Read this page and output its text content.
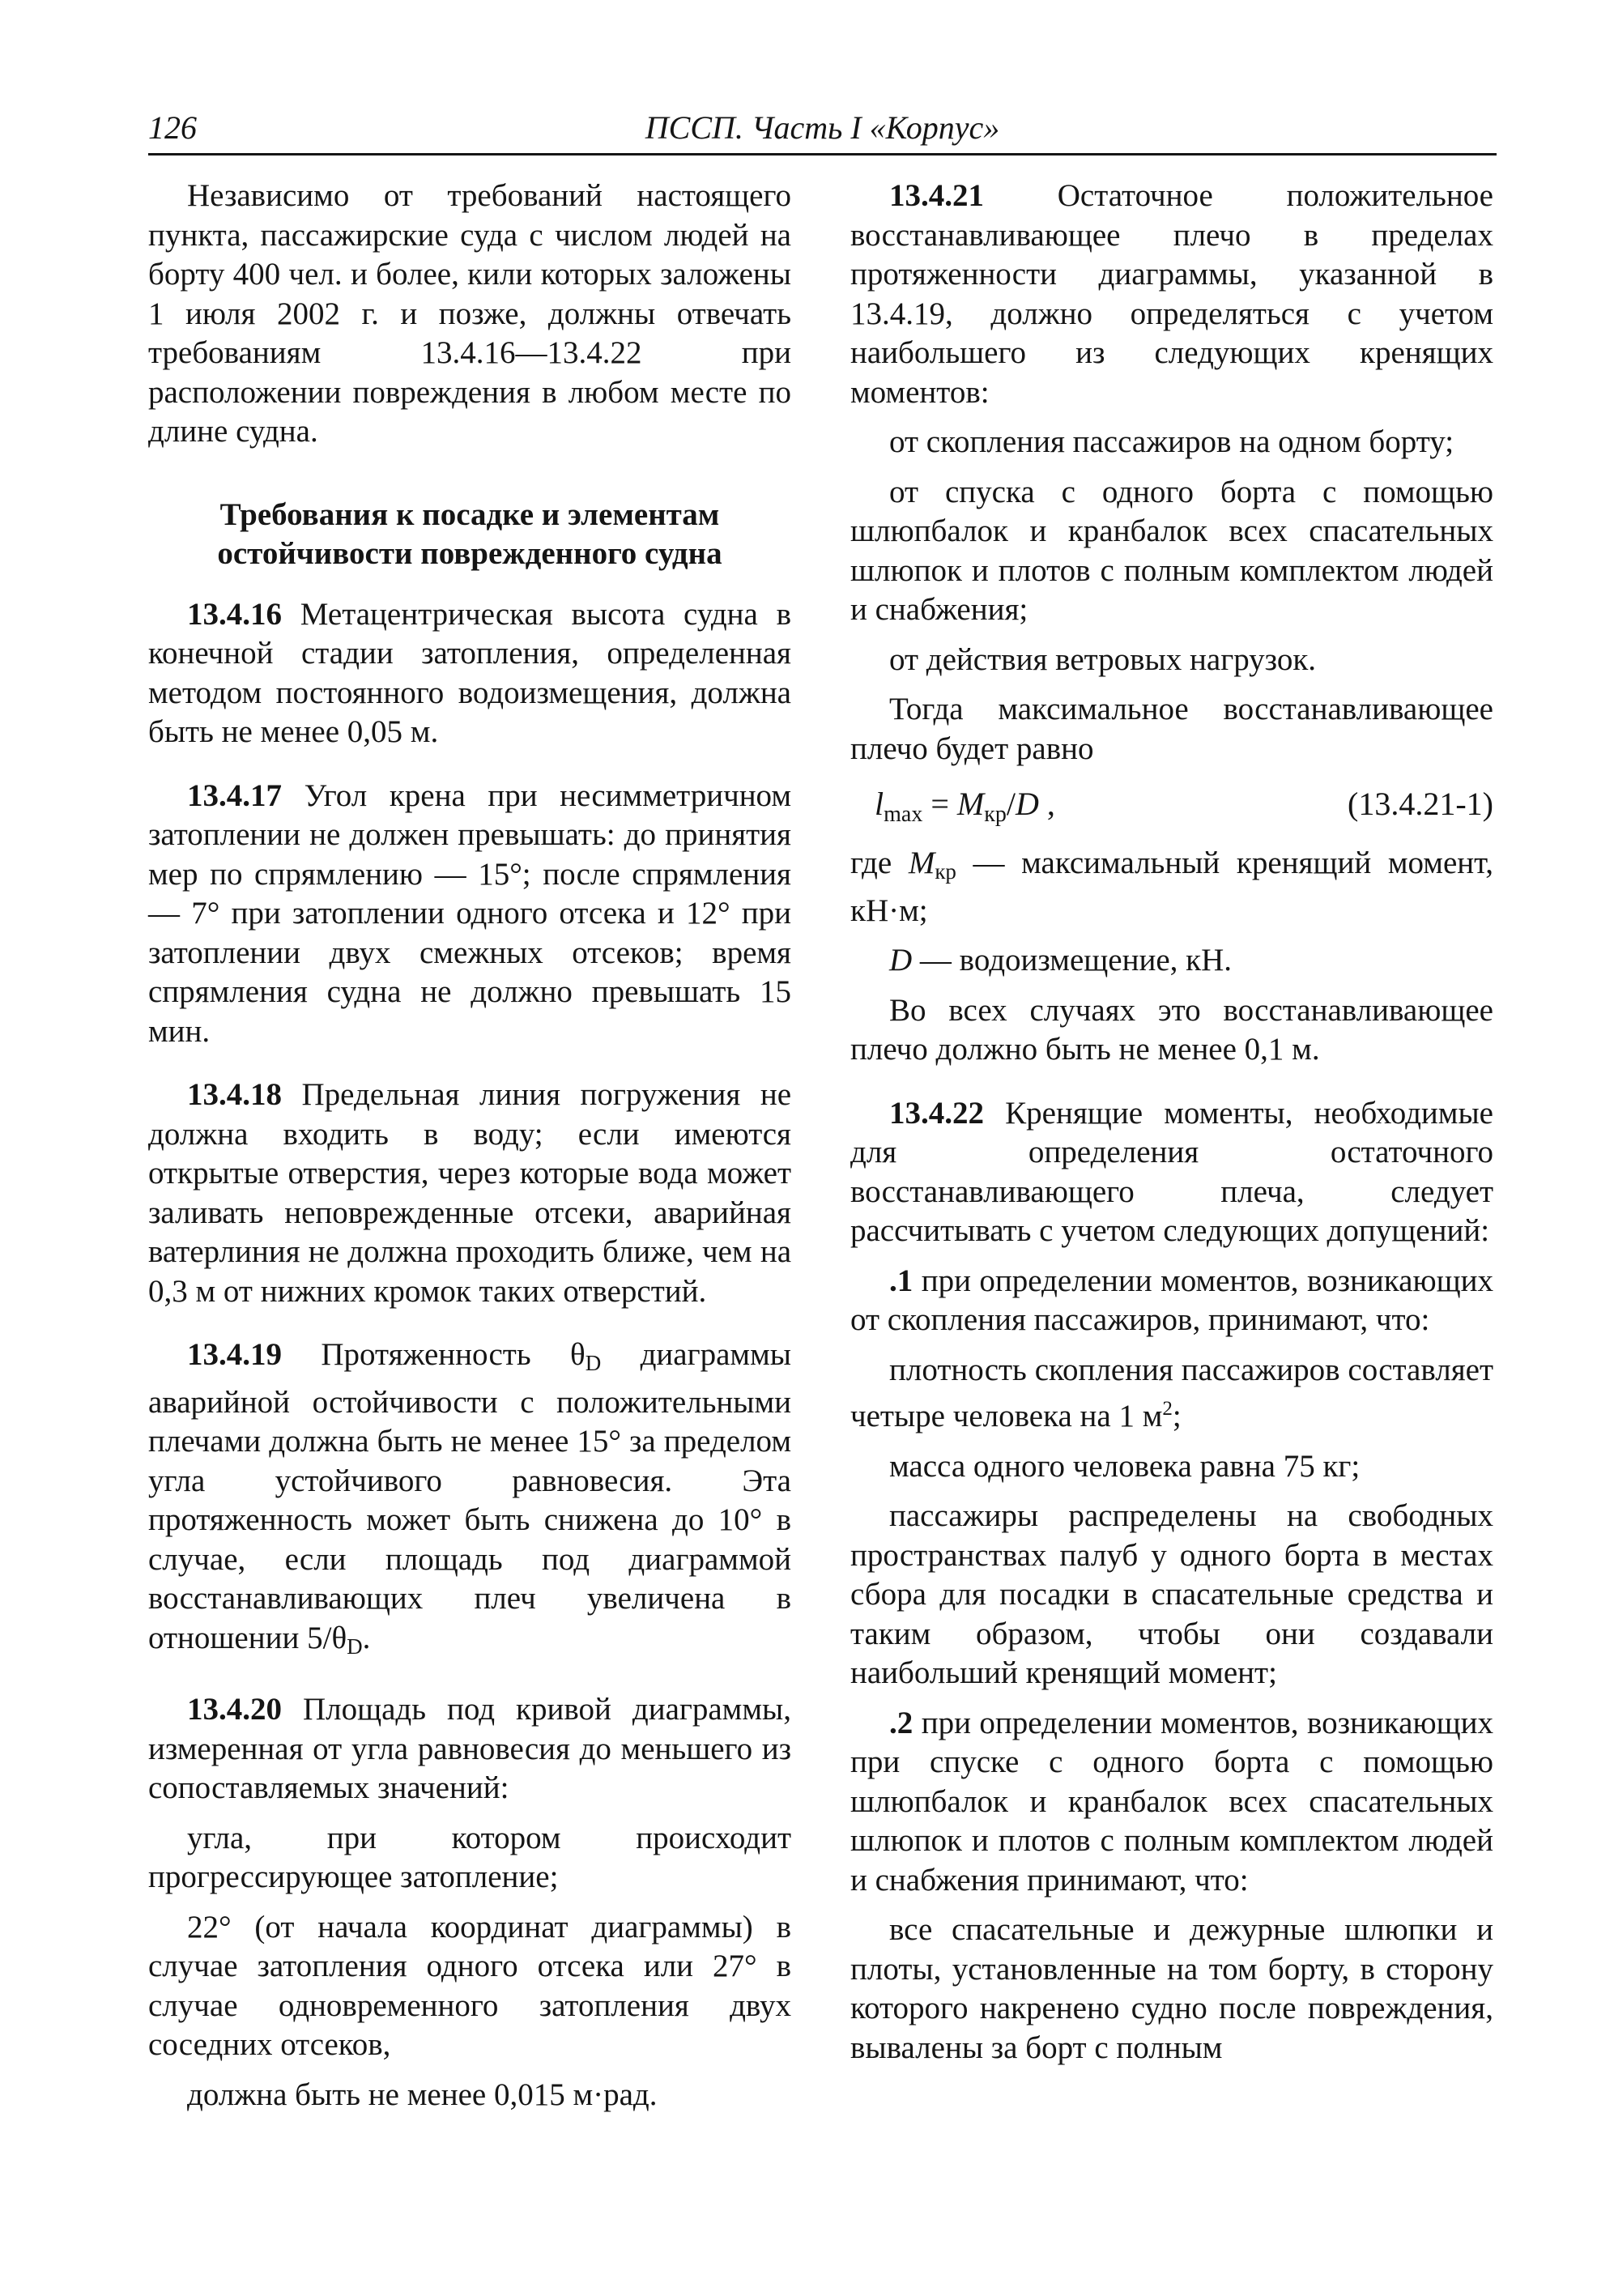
126	ПССП. Часть I «Корпус»

Независимо от требований настоящего пункта, пассажирские суда с числом людей на борту 400 чел. и более, кили которых заложены 1 июля 2002 г. и позже, должны отвечать требованиям 13.4.16—13.4.22 при расположении повреждения в любом месте по длине судна.

Требования к посадке и элементам
остойчивости поврежденного судна

13.4.16 Метацентрическая высота судна в конечной стадии затопления, определенная методом постоянного водоизмещения, должна быть не менее 0,05 м.

13.4.17 Угол крена при несимметричном затоплении не должен превышать: до принятия мер по спрямлению — 15°; после спрямления — 7° при затоплении одного отсека и 12° при затоплении двух смежных отсеков; время спрямления судна не должно превышать 15 мин.

13.4.18 Предельная линия погружения не должна входить в воду; если имеются открытые отверстия, через которые вода может заливать неповрежденные отсеки, аварийная ватерлиния не должна проходить ближе, чем на 0,3 м от нижних кромок таких отверстий.

13.4.19 Протяженность θD диаграммы аварийной остойчивости с положительными плечами должна быть не менее 15° за пределом угла устойчивого равновесия. Эта протяженность может быть снижена до 10° в случае, если площадь под диаграммой восстанавливающих плеч увеличена в отношении 5/θD.

13.4.20 Площадь под кривой диаграммы, измеренная от угла равновесия до меньшего из сопоставляемых значений:

угла, при котором происходит прогрессирующее затопление;

22° (от начала координат диаграммы) в случае затопления одного отсека или 27° в случае одновременного затопления двух соседних отсеков,

должна быть не менее 0,015 м·рад.

13.4.21 Остаточное положительное восстанавливающее плечо в пределах протяженности диаграммы, указанной в 13.4.19, должно определяться с учетом наибольшего из следующих кренящих моментов:

от скопления пассажиров на одном борту;

от спуска с одного борта с помощью шлюпбалок и кранбалок всех спасательных шлюпок и плотов с полным комплектом людей и снабжения;

от действия ветровых нагрузок.

Тогда максимальное восстанавливающее плечо будет равно

$l_{max} = M_{кр}/D$ ,	(13.4.21-1)

где Mкр — максимальный кренящий момент, кН·м;

D — водоизмещение, кН.

Во всех случаях это восстанавливающее плечо должно быть не менее 0,1 м.

13.4.22 Кренящие моменты, необходимые для определения остаточного восстанавливающего плеча, следует рассчитывать с учетом следующих допущений:

.1 при определении моментов, возникающих от скопления пассажиров, принимают, что:

плотность скопления пассажиров составляет четыре человека на 1 $м^2$;

масса одного человека равна 75 кг;

пассажиры распределены на свободных пространствах палуб у одного борта в местах сбора для посадки в спасательные средства и таким образом, чтобы они создавали наибольший кренящий момент;

.2 при определении моментов, возникающих при спуске с одного борта с помощью шлюпбалок и кранбалок всех спасательных шлюпок и плотов с полным комплектом людей и снабжения принимают, что:

все спасательные и дежурные шлюпки и плоты, установленные на том борту, в сторону которого накренено судно после повреждения, вывалены за борт с полным
